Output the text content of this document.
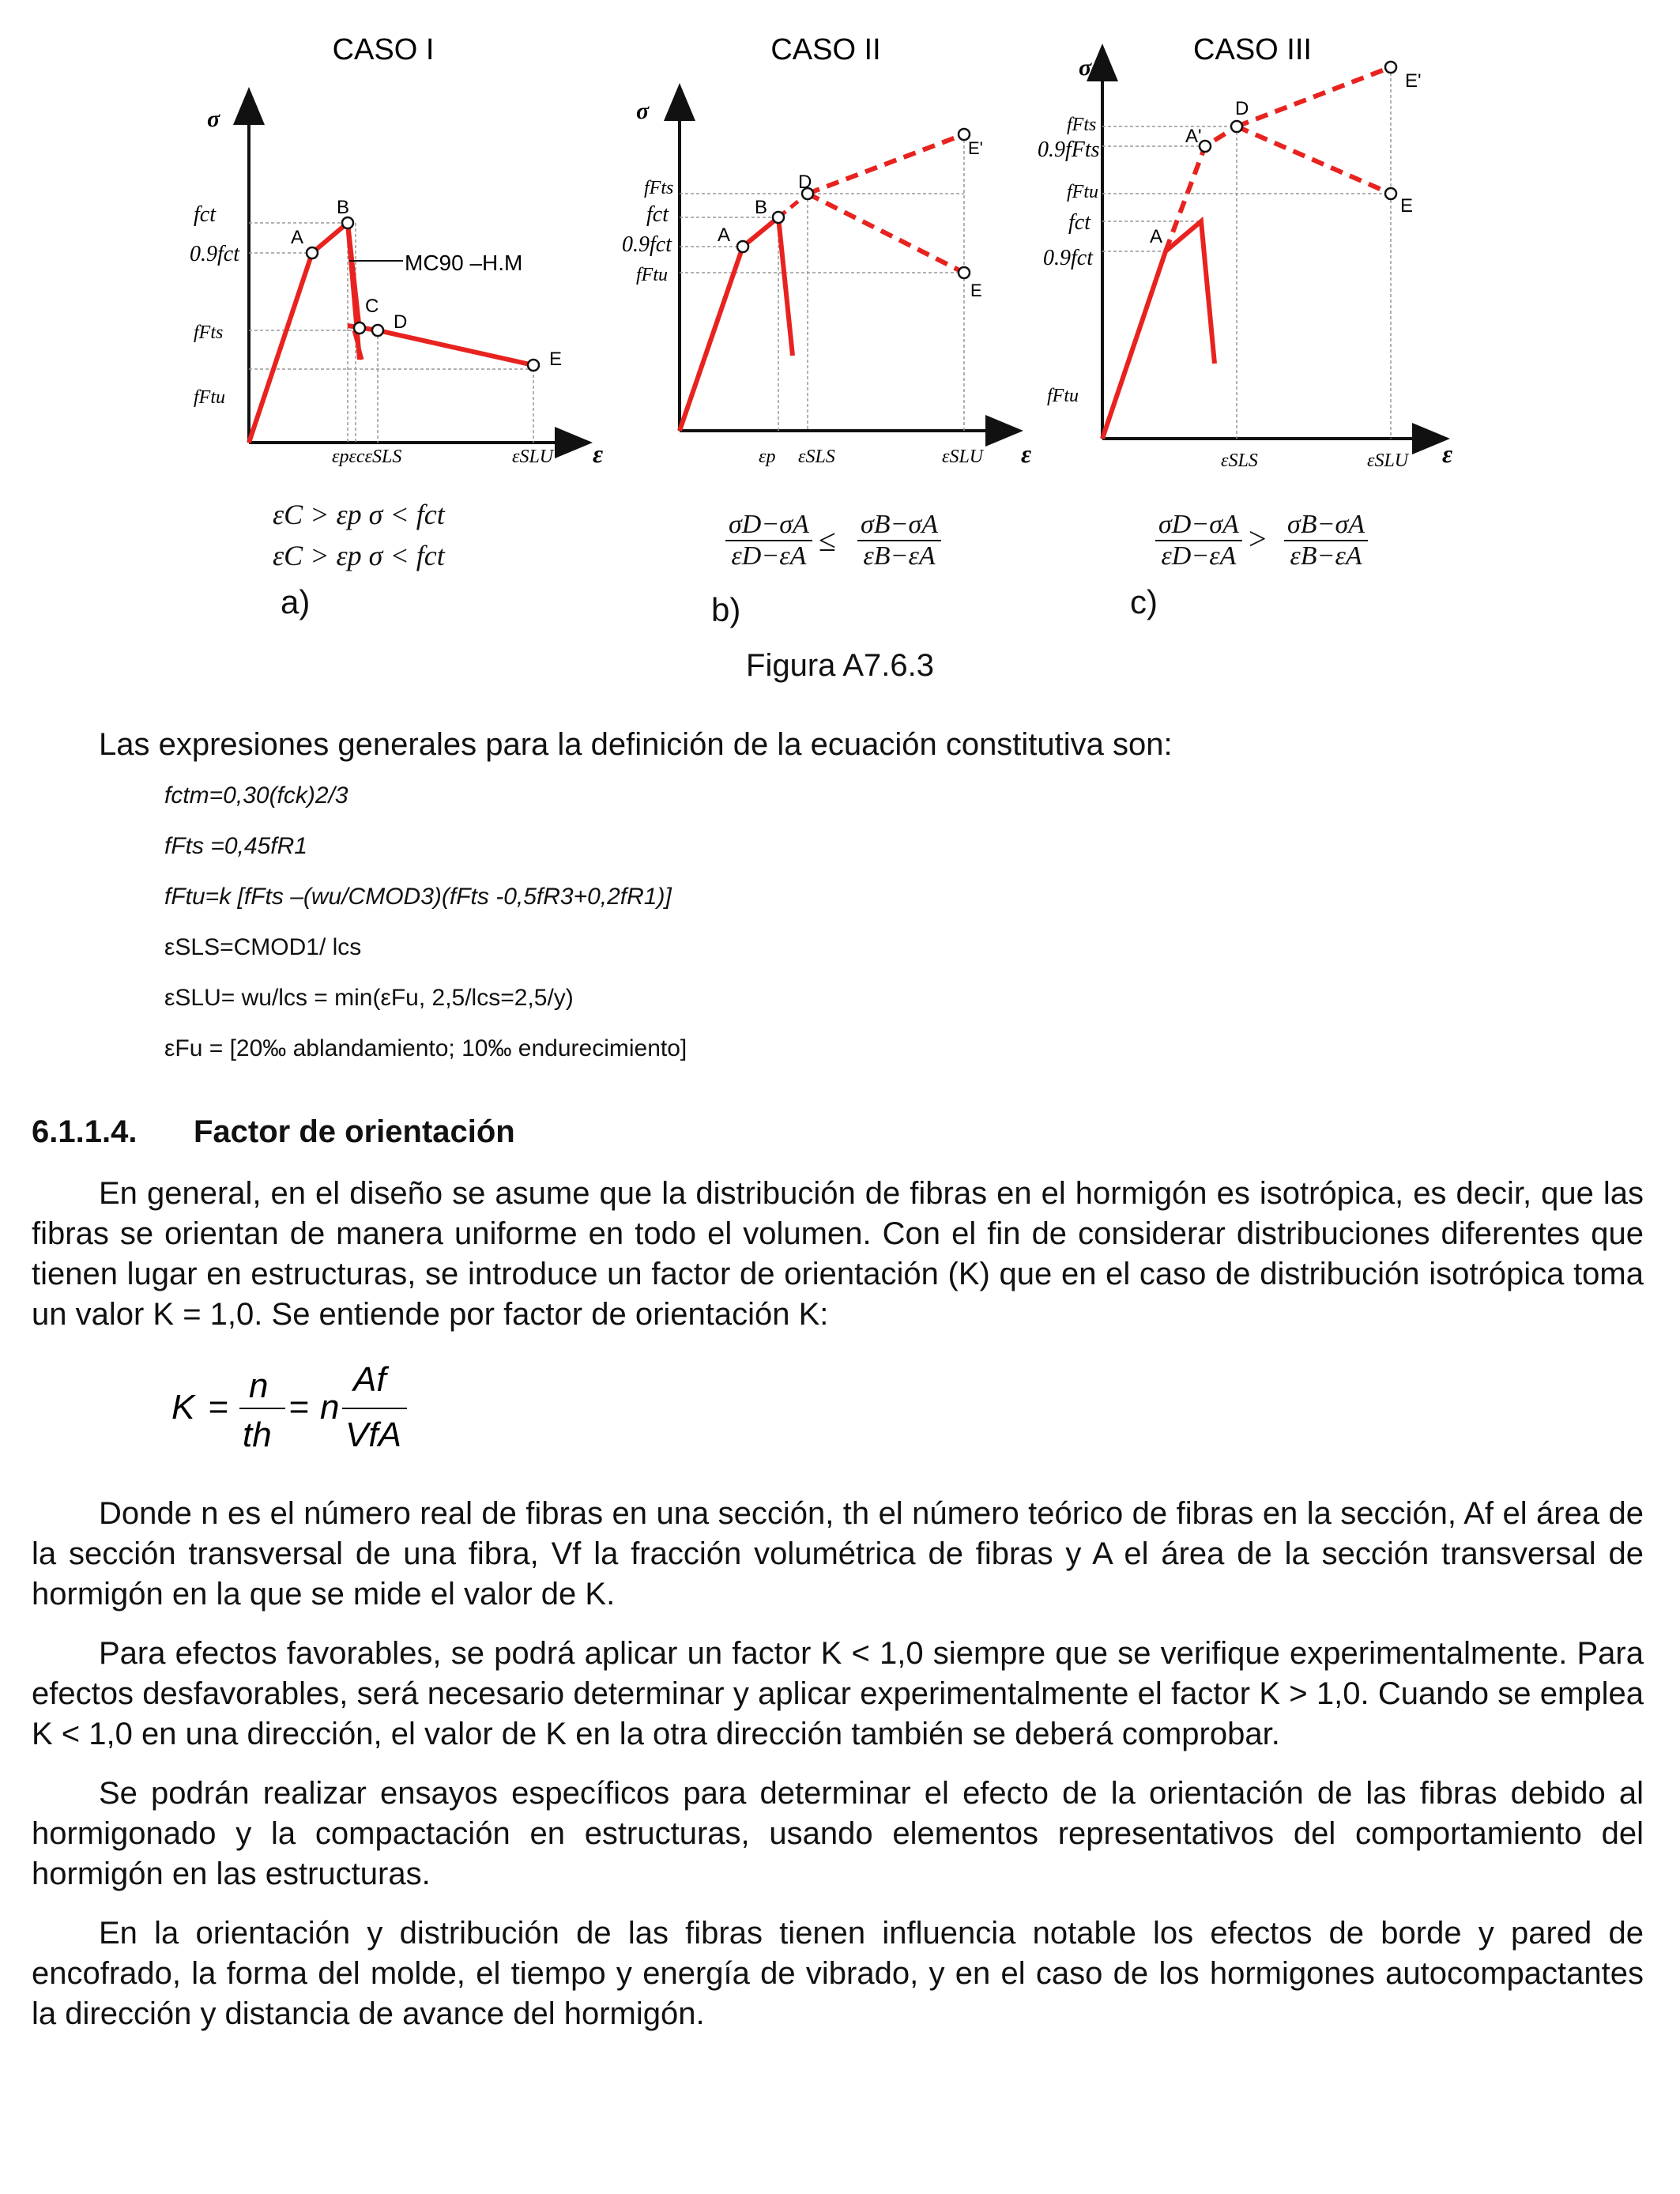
CASO I
σ
ε
fct
0.9fct
fFts
fFtu
A
B
C
D
E
MC90 –H.M
εpεcεSLS	εSLU
CASO II
σ
ε
fFts
fct
0.9fct
fFtu
A
B
D
E'
E
εp εSLS	εSLU
CASO III
σ
ε
fFts
0.9fFts
fFtu
fct
0.9fct
fFtu
A
A'
D
E'
E
εSLS	εSLU
εC > εp σ < fct
εC > εp σ < fct
a)
$\frac{\sigma D-\sigma A}{\varepsilon D-\varepsilon A} \le \frac{\sigma B-\sigma A}{\varepsilon B-\varepsilon A}$
b)
$\frac{\sigma D-\sigma A}{\varepsilon D-\varepsilon A} > \frac{\sigma B-\sigma A}{\varepsilon B-\varepsilon A}$
c)
Figura A7.6.3
Las expresiones generales para la definición de la ecuación constitutiva son:
fctm=0,30(fck)2/3
fFts =0,45fR1
fFtu=k [fFts –(wu/CMOD3)(fFts -0,5fR3+0,2fR1)]
εSLS=CMOD1/ lcs
εSLU= wu/lcs = min(εFu, 2,5/lcs=2,5/y)
εFu = [20‰ ablandamiento; 10‰ endurecimiento]
6.1.1.4. Factor de orientación

En general, en el diseño se asume que la distribución de fibras en el hormigón es isotrópica, es decir, que las fibras se orientan de manera uniforme en todo el volumen. Con el fin de considerar distribuciones diferentes que tienen lugar en estructuras, se introduce un factor de orientación (K) que en el caso de distribución isotrópica toma un valor K = 1,0. Se entiende por factor de orientación K:

K =
n
th
= n
Af
VfA

Donde n es el número real de fibras en una sección, th el número teórico de fibras en la sección, Af el área de la sección transversal de una fibra, Vf la fracción volumétrica de fibras y A el área de la sección transversal de hormigón en la que se mide el valor de K.

Para efectos favorables, se podrá aplicar un factor K < 1,0 siempre que se verifique experimentalmente. Para efectos desfavorables, será necesario determinar y aplicar experimentalmente el factor K > 1,0. Cuando se emplea K < 1,0 en una dirección, el valor de K en la otra dirección también se deberá comprobar.

Se podrán realizar ensayos específicos para determinar el efecto de la orientación de las fibras debido al hormigonado y la compactación en estructuras, usando elementos representativos del comportamiento del hormigón en las estructuras.

En la orientación y distribución de las fibras tienen influencia notable los efectos de borde y pared de encofrado, la forma del molde, el tiempo y energía de vibrado, y en el caso de los hormigones autocompactantes la dirección y distancia de avance del hormigón.
